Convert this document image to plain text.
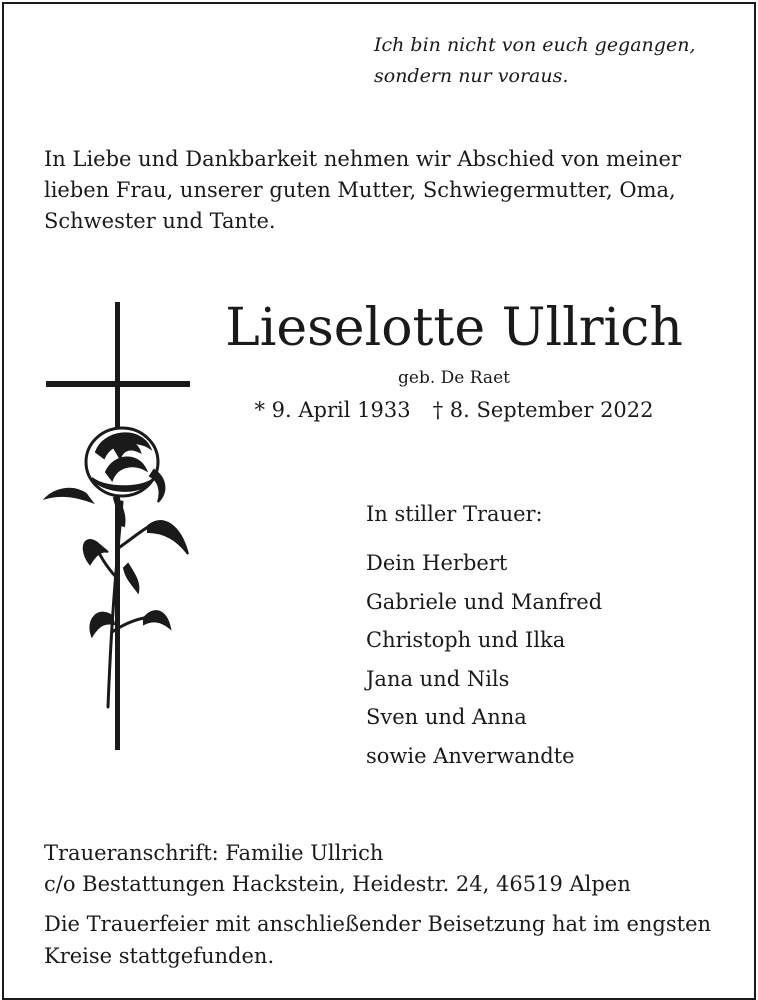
Ich bin nicht von euch gegangen,
sondern nur voraus.
In Liebe und Dankbarkeit nehmen wir Abschied von meiner
lieben Frau, unserer guten Mutter, Schwiegermutter, Oma,
Schwester und Tante.
Lieselotte Ullrich
geb. De Raet
* 9. April 1933 † 8. September 2022
In stiller Trauer:
Dein Herbert
Gabriele und Manfred
Christoph und Ilka
Jana und Nils
Sven und Anna
sowie Anverwandte
Traueranschrift: Familie Ullrich
c/o Bestattungen Hackstein, Heidestr. 24, 46519 Alpen
Die Trauerfeier mit anschließender Beisetzung hat im engsten
Kreise stattgefunden.
